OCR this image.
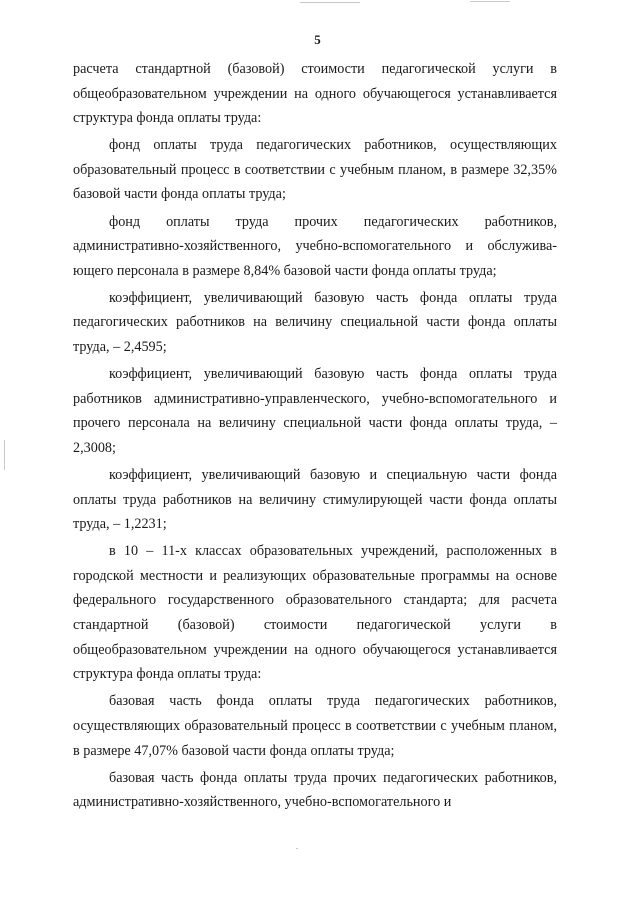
5

расчета стандартной (базовой) стоимости педагогической услуги в общеобразовательном учреждении на одного обучающегося устанавливается структура фонда оплаты труда:

фонд оплаты труда педагогических работников, осуществляющих образовательный процесс в соответствии с учебным планом, в размере 32,35% базовой части фонда оплаты труда;

фонд оплаты труда прочих педагогических работников, административно-хозяйственного, учебно-вспомогательного и обслуживающего персонала в размере 8,84% базовой части фонда оплаты труда;

коэффициент, увеличивающий базовую часть фонда оплаты труда педагогических работников на величину специальной части фонда оплаты труда, – 2,4595;

коэффициент, увеличивающий базовую часть фонда оплаты труда работников административно-управленческого, учебно-вспомогательного и прочего персонала на величину специальной части фонда оплаты труда, – 2,3008;

коэффициент, увеличивающий базовую и специальную части фонда оплаты труда работников на величину стимулирующей части фонда оплаты труда, – 1,2231;

в 10 – 11-х классах образовательных учреждений, расположенных в городской местности и реализующих образовательные программы на основе федерального государственного образовательного стандарта; для расчета стандартной (базовой) стоимости педагогической услуги в общеобразовательном учреждении на одного обучающегося устанавливается структура фонда оплаты труда:

базовая часть фонда оплаты труда педагогических работников, осуществляющих образовательный процесс в соответствии с учебным планом, в размере 47,07% базовой части фонда оплаты труда;

базовая часть фонда оплаты труда прочих педагогических работников, административно-хозяйственного, учебно-вспомогательного и
